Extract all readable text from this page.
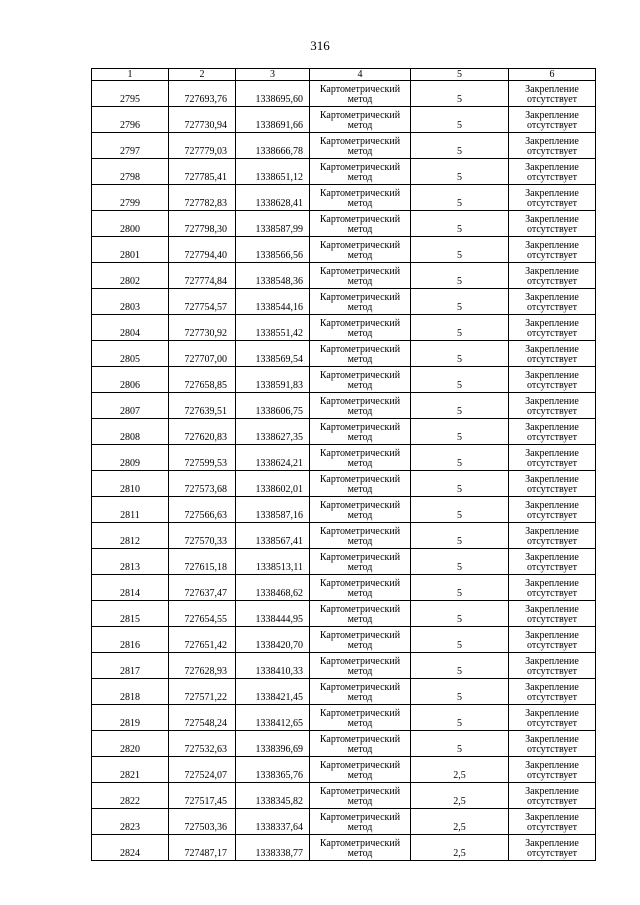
316
1	2	3	4	5	6
2795	727693,76	1338695,60	Картометрический
метод	5	Закрепление
отсутствует

2796	727730,94	1338691,66	Картометрический
метод	5	Закрепление
отсутствует

2797	727779,03	1338666,78	Картометрический
метод	5	Закрепление
отсутствует

2798	727785,41	1338651,12	Картометрический
метод	5	Закрепление
отсутствует

2799	727782,83	1338628,41	Картометрический
метод	5	Закрепление
отсутствует

2800	727798,30	1338587,99	Картометрический
метод	5	Закрепление
отсутствует

2801	727794,40	1338566,56	Картометрический
метод	5	Закрепление
отсутствует

2802	727774,84	1338548,36	Картометрический
метод	5	Закрепление
отсутствует

2803	727754,57	1338544,16	Картометрический
метод	5	Закрепление
отсутствует

2804	727730,92	1338551,42	Картометрический
метод	5	Закрепление
отсутствует

2805	727707,00	1338569,54	Картометрический
метод	5	Закрепление
отсутствует

2806	727658,85	1338591,83	Картометрический
метод	5	Закрепление
отсутствует

2807	727639,51	1338606,75	Картометрический
метод	5	Закрепление
отсутствует

2808	727620,83	1338627,35	Картометрический
метод	5	Закрепление
отсутствует

2809	727599,53	1338624,21	Картометрический
метод	5	Закрепление
отсутствует

2810	727573,68	1338602,01	Картометрический
метод	5	Закрепление
отсутствует

2811	727566,63	1338587,16	Картометрический
метод	5	Закрепление
отсутствует

2812	727570,33	1338567,41	Картометрический
метод	5	Закрепление
отсутствует

2813	727615,18	1338513,11	Картометрический
метод	5	Закрепление
отсутствует

2814	727637,47	1338468,62	Картометрический
метод	5	Закрепление
отсутствует

2815	727654,55	1338444,95	Картометрический
метод	5	Закрепление
отсутствует

2816	727651,42	1338420,70	Картометрический
метод	5	Закрепление
отсутствует

2817	727628,93	1338410,33	Картометрический
метод	5	Закрепление
отсутствует

2818	727571,22	1338421,45	Картометрический
метод	5	Закрепление
отсутствует

2819	727548,24	1338412,65	Картометрический
метод	5	Закрепление
отсутствует

2820	727532,63	1338396,69	Картометрический
метод	5	Закрепление
отсутствует

2821	727524,07	1338365,76	Картометрический
метод	2,5	Закрепление
отсутствует

2822	727517,45	1338345,82	Картометрический
метод	2,5	Закрепление
отсутствует

2823	727503,36	1338337,64	Картометрический
метод	2,5	Закрепление
отсутствует

2824	727487,17	1338338,77	Картометрический
метод	2,5	Закрепление
отсутствует
